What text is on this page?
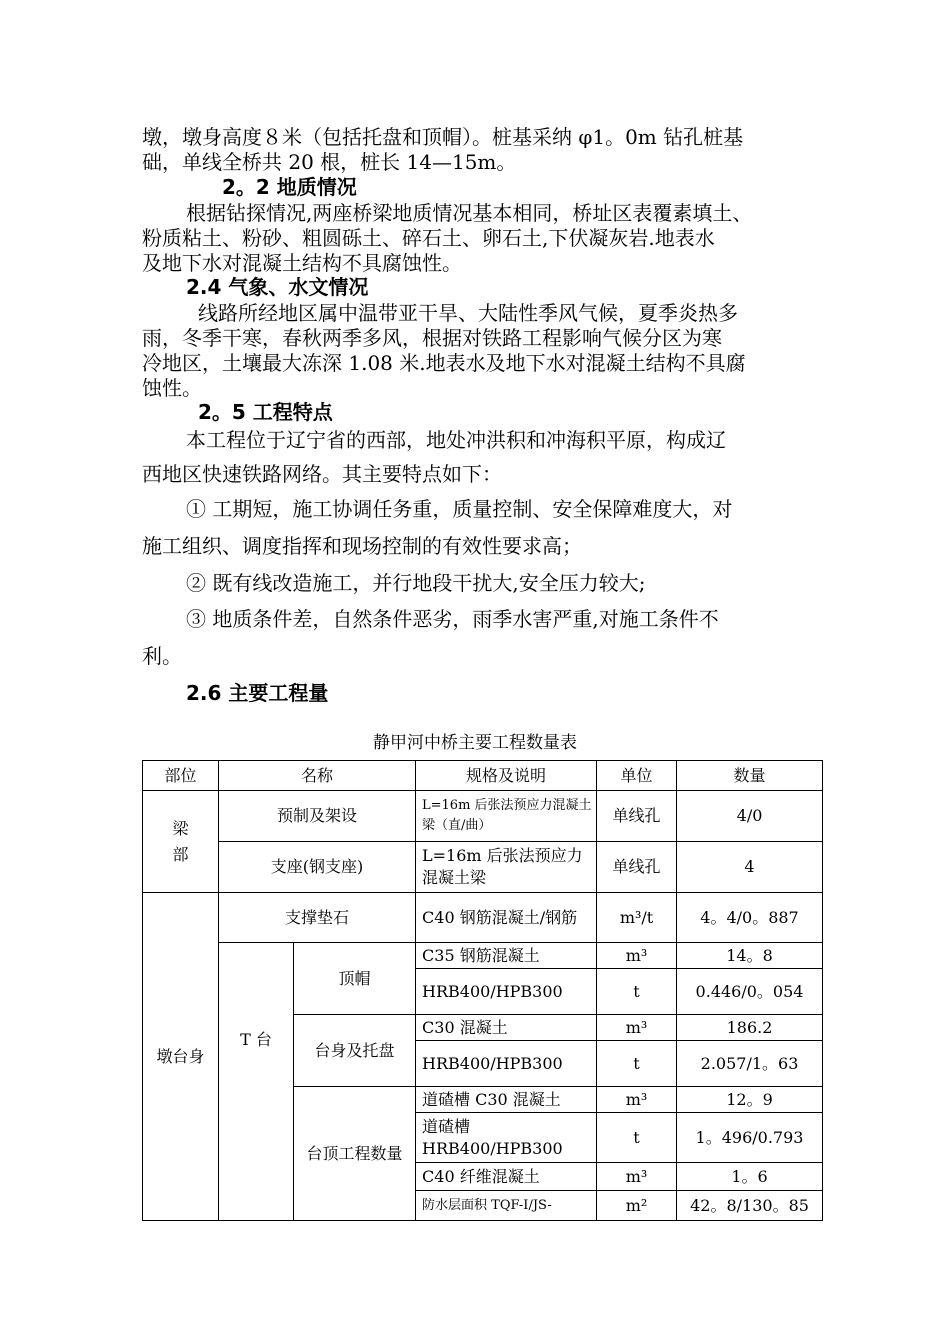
墩，墩身高度８米（包括托盘和顶帽）。桩基采纳 φ1。0m 钻孔桩基
础，单线全桥共 20 根，桩长 14—15m。
2。2 地质情况
根据钻探情况,两座桥梁地质情况基本相同，桥址区表覆素填土、
粉质粘土、粉砂、粗圆砾土、碎石土、卵石土,下伏凝灰岩.地表水
及地下水对混凝土结构不具腐蚀性。
2.4 气象、水文情况
线路所经地区属中温带亚干旱、大陆性季风气候，夏季炎热多
雨，冬季干寒，春秋两季多风，根据对铁路工程影响气候分区为寒
冷地区，土壤最大冻深 1.08 米.地表水及地下水对混凝土结构不具腐
蚀性。
2。5 工程特点
本工程位于辽宁省的西部，地处冲洪积和冲海积平原，构成辽
西地区快速铁路网络。其主要特点如下：
① 工期短，施工协调任务重，质量控制、安全保障难度大，对
施工组织、调度指挥和现场控制的有效性要求高；
② 既有线改造施工，并行地段干扰大,安全压力较大;
③ 地质条件差，自然条件恶劣，雨季水害严重,对施工条件不
利。
2.6 主要工程量
静甲河中桥主要工程数量表
部位	名称		规格及说明	单位	数量
梁
部	预制及架设		L=16m 后张法预应力混凝土梁（直/曲）	单线孔	4/0
	支座(钢支座)		L=16m 后张法预应力混凝土梁	单线孔	4
墩台身	支撑垫石		C40 钢筋混凝土/钢筋	m³/t	4。4/0。887
	T 台	顶帽	C35 钢筋混凝土	m³	14。8
			HRB400/HPB300	t	0.446/0。054
		台身及托盘	C30 混凝土	m³	186.2
			HRB400/HPB300	t	2.057/1。63
		台顶工程数量	道碴槽 C30 混凝土	m³	12。9
			道碴槽 HRB400/HPB300	t	1。496/0.793
			C40 纤维混凝土	m³	1。6
			防水层面积 TQF-I/JS-	m²	42。8/130。85
